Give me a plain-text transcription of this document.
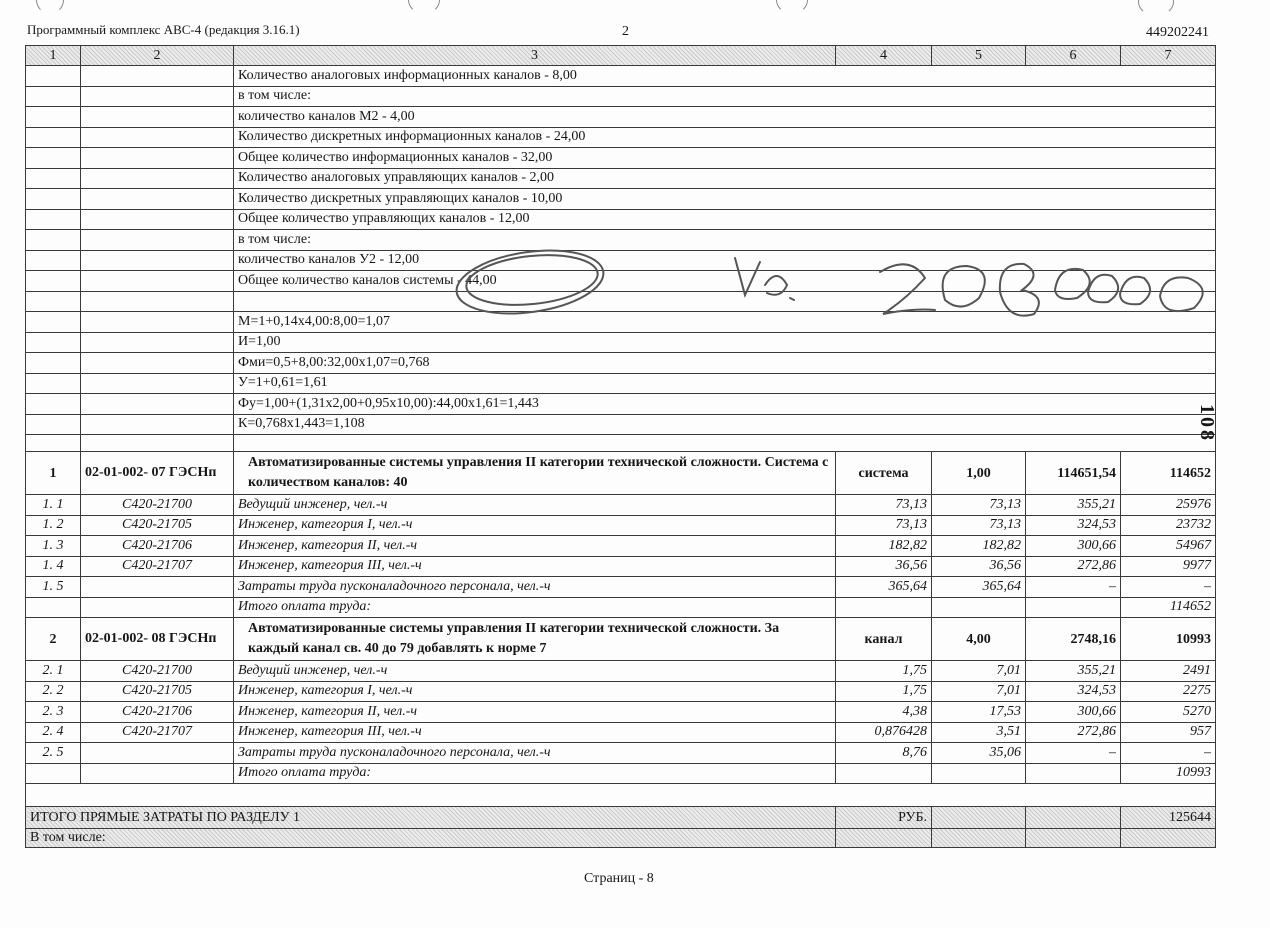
Программный комплекс АВС-4 (редакция 3.16.1)	2	449202241
1	2	3	4	5	6	7
		Количество аналоговых информационных каналов - 8,00				
		в том числе:				
		количество каналов М2 - 4,00				
		Количество дискретных информационных каналов - 24,00				
		Общее количество информационных каналов - 32,00				
		Количество аналоговых управляющих каналов - 2,00				
		Количество дискретных управляющих каналов - 10,00				
		Общее количество управляющих каналов - 12,00				
		в том числе:				
		количество каналов У2 - 12,00				
		Общее количество каналов системы - 44,00				

		М=1+0,14х4,00:8,00=1,07				
		И=1,00				
		Фми=0,5+8,00:32,00х1,07=0,768				
		У=1+0,61=1,61				
		Фу=1,00+(1,31х2,00+0,95х10,00):44,00х1,61=1,443				
		К=0,768х1,443=1,108				

1	02-01-002- 07 ГЭСНп	Автоматизированные системы управления II категории технической сложности. Система с количеством каналов: 40	система	1,00	114651,54	114652
1. 1	С420-21700	Ведущий инженер, чел.-ч	73,13	73,13	355,21	25976
1. 2	С420-21705	Инженер, категория I, чел.-ч	73,13	73,13	324,53	23732
1. 3	С420-21706	Инженер, категория II, чел.-ч	182,82	182,82	300,66	54967
1. 4	С420-21707	Инженер, категория III, чел.-ч	36,56	36,56	272,86	9977
1. 5		Затраты труда пусконаладочного персонала, чел.-ч	365,64	365,64	–	–
		Итого оплата труда:				114652
2	02-01-002- 08 ГЭСНп	Автоматизированные системы управления II категории технической сложности. За каждый канал св. 40 до 79 добавлять к норме 7	канал	4,00	2748,16	10993
2. 1	С420-21700	Ведущий инженер, чел.-ч	1,75	7,01	355,21	2491
2. 2	С420-21705	Инженер, категория I, чел.-ч	1,75	7,01	324,53	2275
2. 3	С420-21706	Инженер, категория II, чел.-ч	4,38	17,53	300,66	5270
2. 4	С420-21707	Инженер, категория III, чел.-ч	0,876428	3,51	272,86	957
2. 5		Затраты труда пусконаладочного персонала, чел.-ч	8,76	35,06	–	–
		Итого оплата труда:				10993

ИТОГО ПРЯМЫЕ ЗАТРАТЫ ПО РАЗДЕЛУ 1			РУБ.			125644
В том числе:						
108
Страниц - 8
